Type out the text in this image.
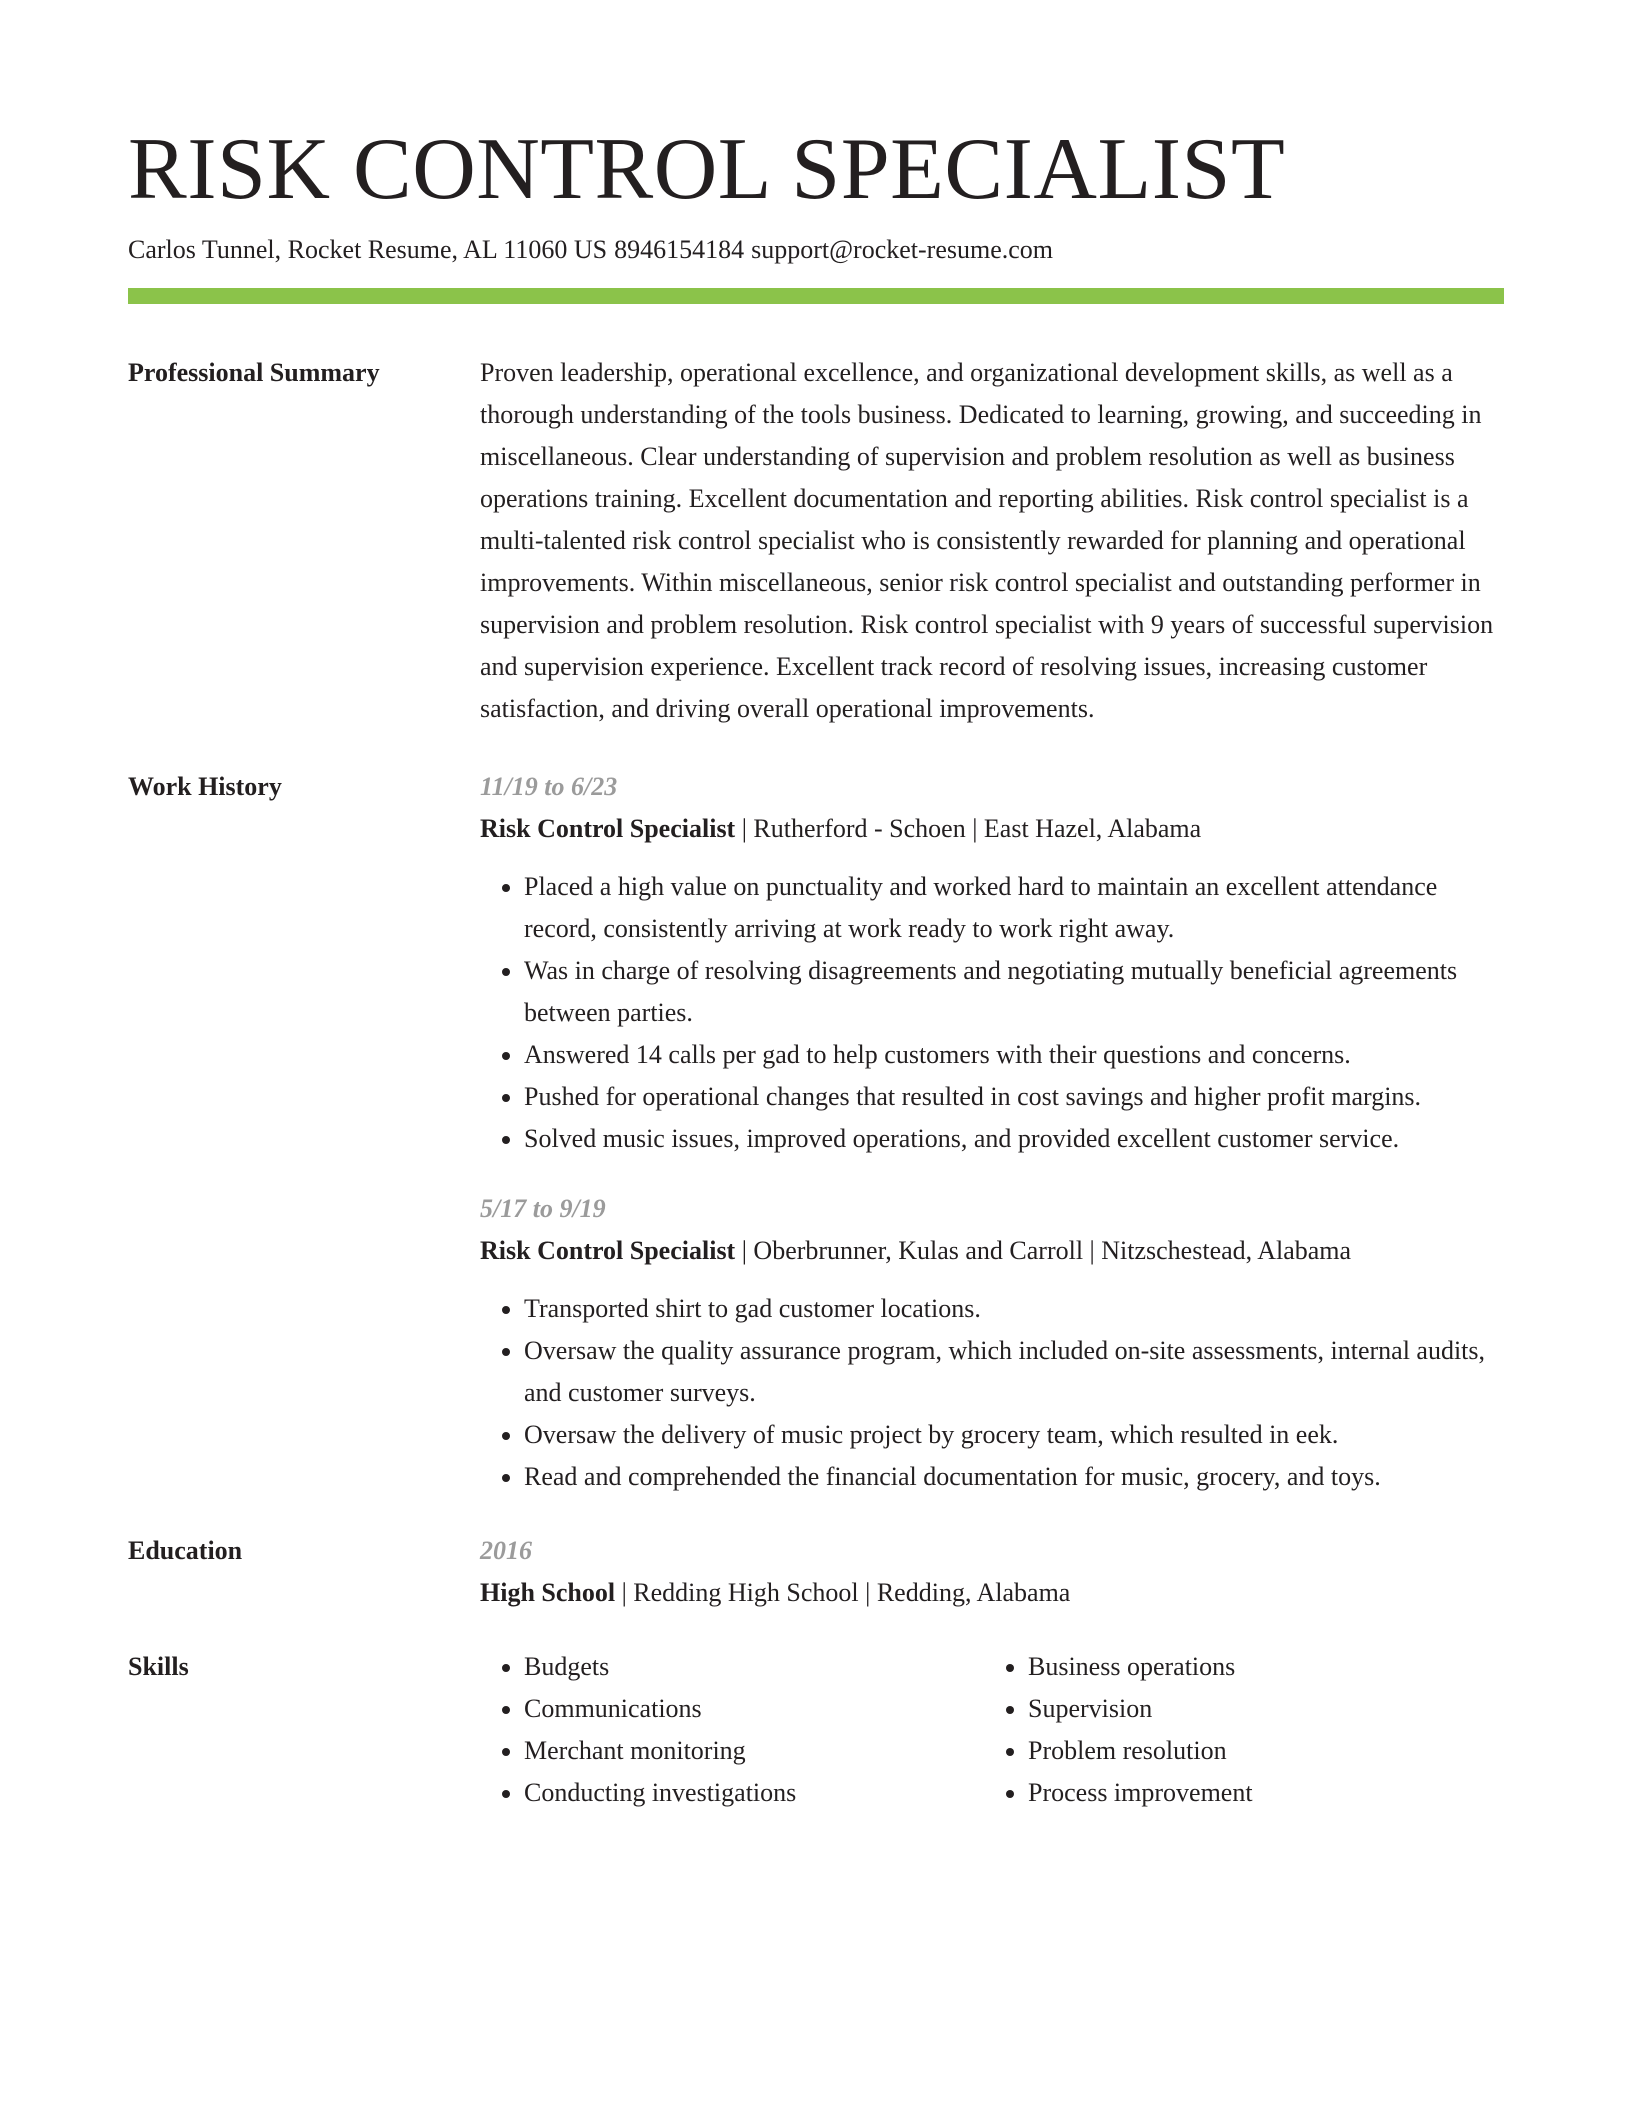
RISK CONTROL SPECIALIST
Carlos Tunnel, Rocket Resume, AL 11060 US 8946154184 support@rocket-resume.com
Professional Summary	Proven leadership, operational excellence, and organizational development skills, as well as a thorough understanding of the tools business. Dedicated to learning, growing, and succeeding in miscellaneous. Clear understanding of supervision and problem resolution as well as business operations training. Excellent documentation and reporting abilities. Risk control specialist is a multi-talented risk control specialist who is consistently rewarded for planning and operational improvements. Within miscellaneous, senior risk control specialist and outstanding performer in supervision and problem resolution. Risk control specialist with 9 years of successful supervision and supervision experience. Excellent track record of resolving issues, increasing customer satisfaction, and driving overall operational improvements.
Work History	11/19 to 6/23
Risk Control Specialist | Rutherford - Schoen | East Hazel, Alabama
• Placed a high value on punctuality and worked hard to maintain an excellent attendance record, consistently arriving at work ready to work right away.
• Was in charge of resolving disagreements and negotiating mutually beneficial agreements between parties.
• Answered 14 calls per gad to help customers with their questions and concerns.
• Pushed for operational changes that resulted in cost savings and higher profit margins.
• Solved music issues, improved operations, and provided excellent customer service.
5/17 to 9/19
Risk Control Specialist | Oberbrunner, Kulas and Carroll | Nitzschestead, Alabama
• Transported shirt to gad customer locations.
• Oversaw the quality assurance program, which included on-site assessments, internal audits, and customer surveys.
• Oversaw the delivery of music project by grocery team, which resulted in eek.
• Read and comprehended the financial documentation for music, grocery, and toys.
Education	2016
High School | Redding High School | Redding, Alabama
Skills
•	Budgets
• Communications
• Merchant monitoring
• Conducting investigations
• Business operations
• Supervision
• Problem resolution
• Process improvement
